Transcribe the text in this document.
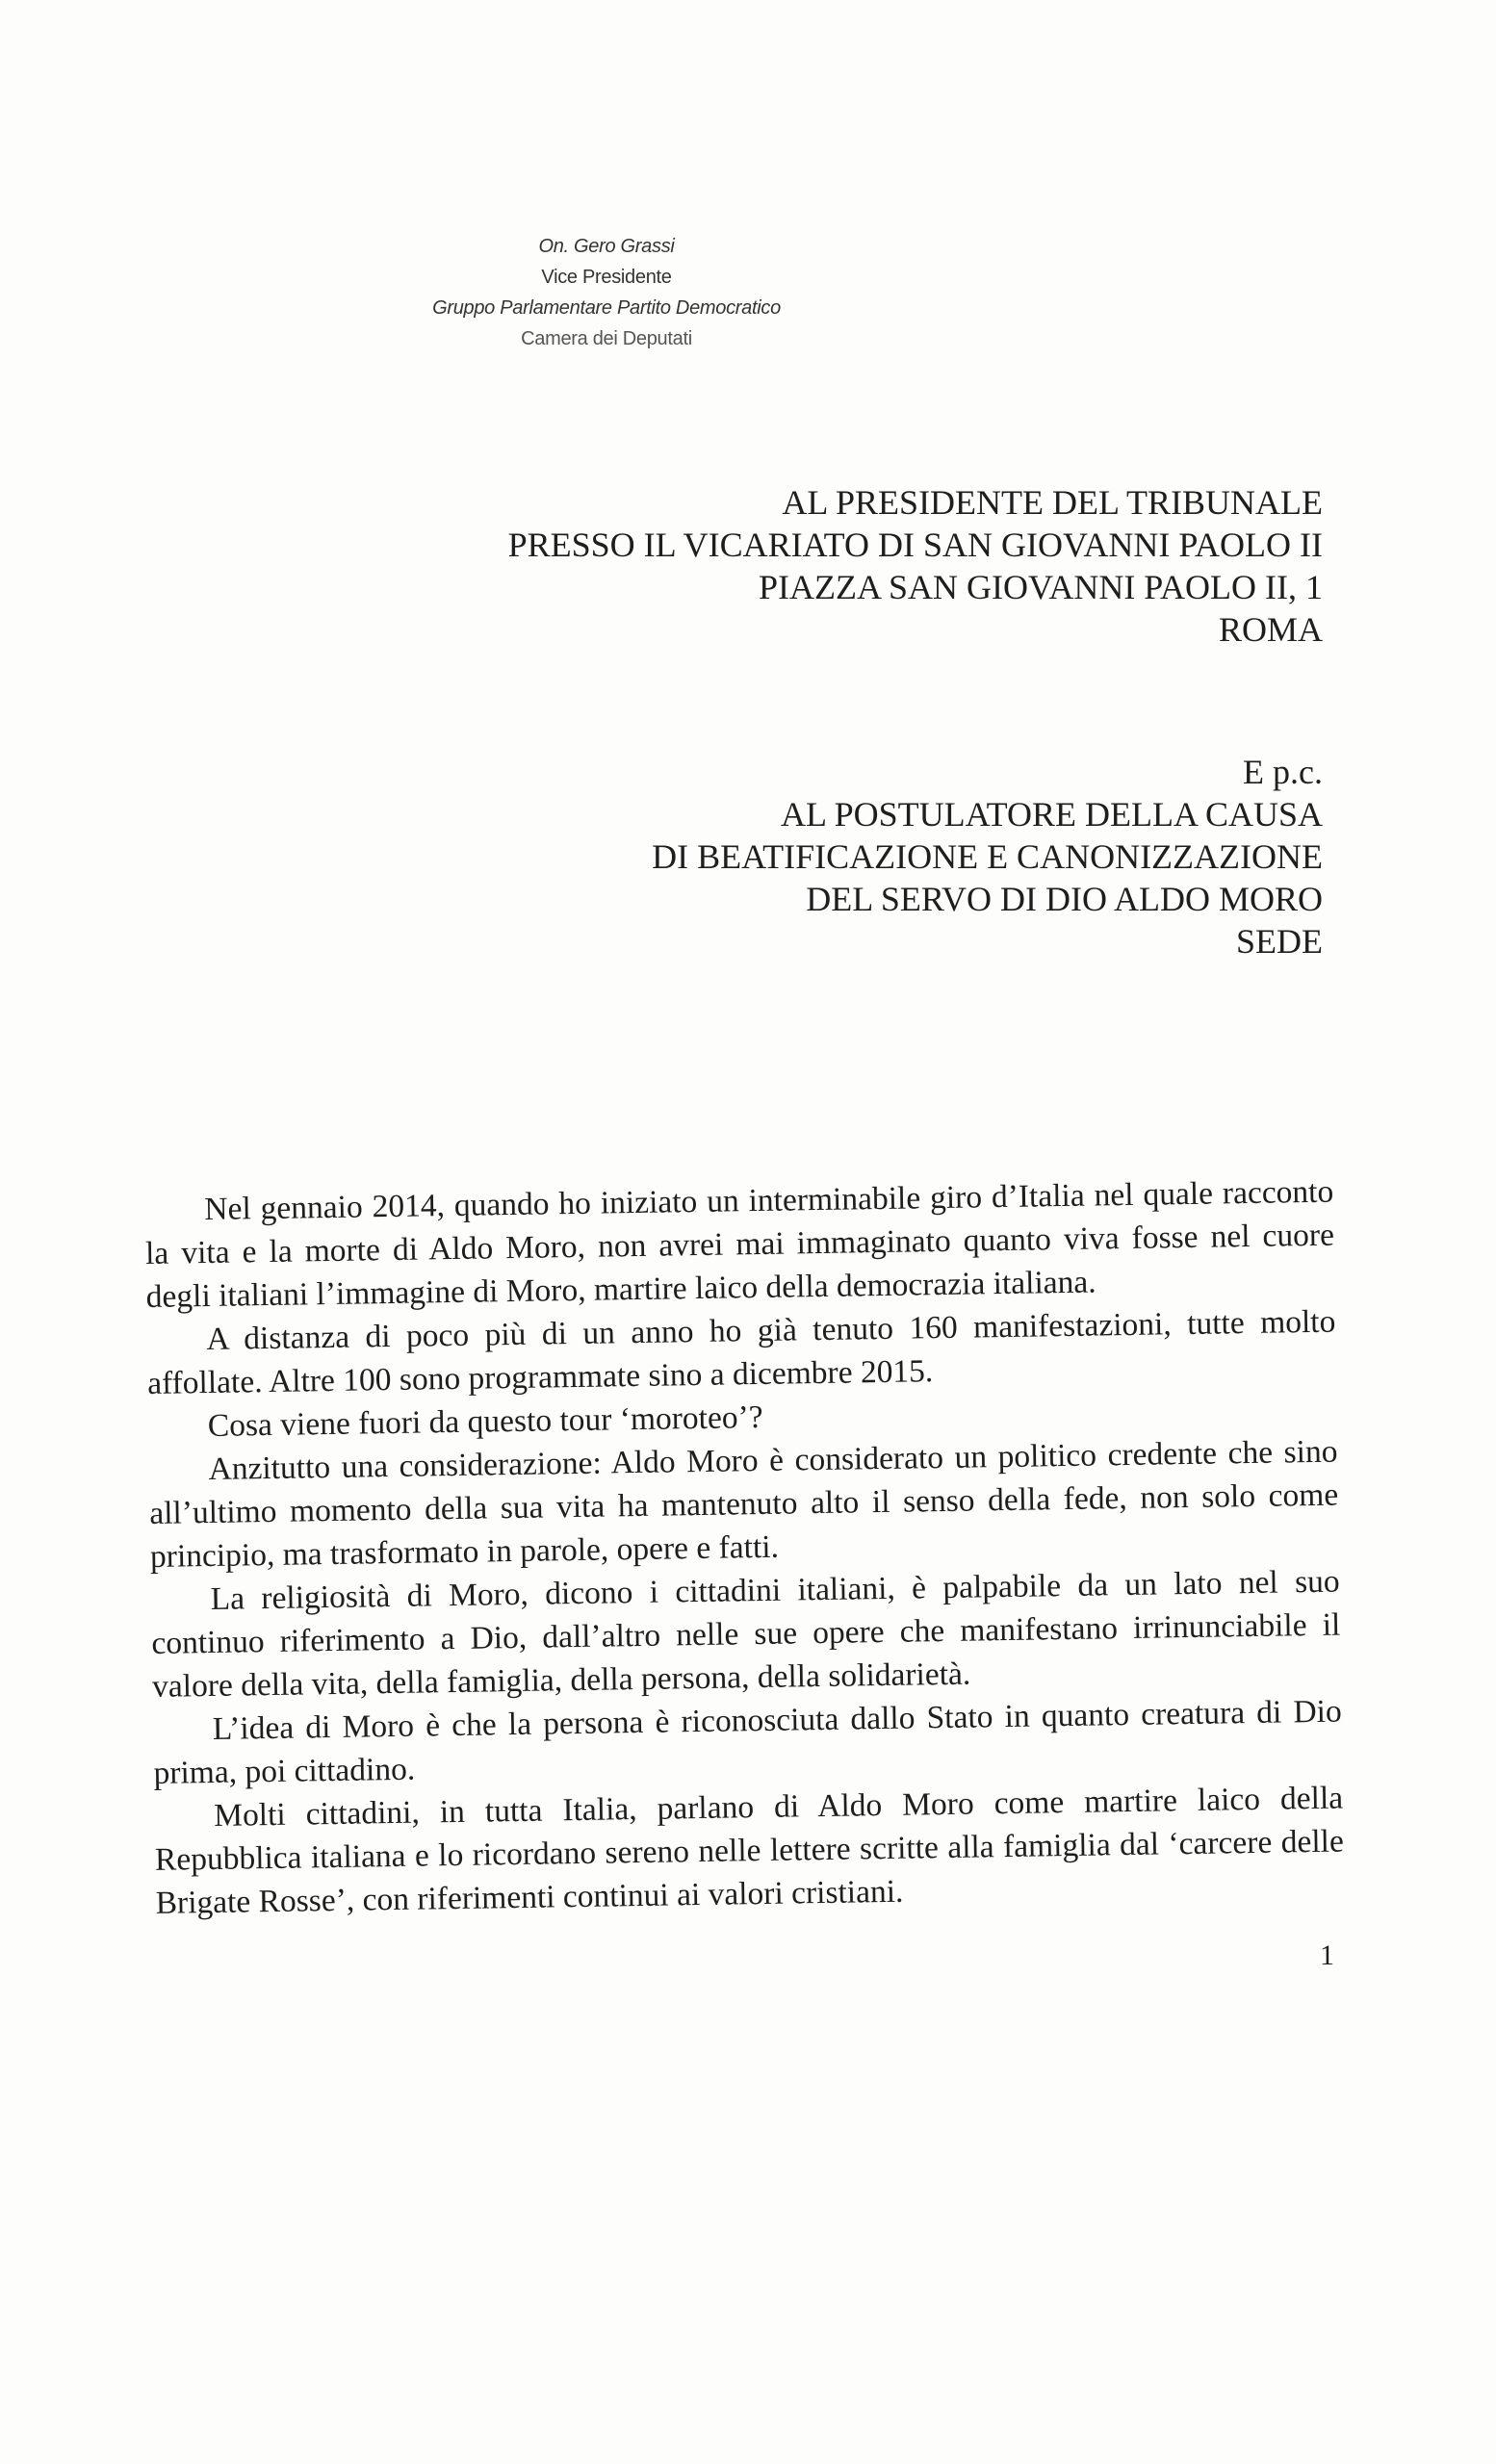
On. Gero Grassi
Vice Presidente
Gruppo Parlamentare Partito Democratico
Camera dei Deputati
AL PRESIDENTE DEL TRIBUNALE
PRESSO IL VICARIATO DI SAN GIOVANNI PAOLO II
PIAZZA SAN GIOVANNI PAOLO II, 1
ROMA
E p.c.
AL POSTULATORE DELLA CAUSA
DI BEATIFICAZIONE E CANONIZZAZIONE
DEL SERVO DI DIO ALDO MORO
SEDE

Nel gennaio 2014, quando ho iniziato un interminabile giro d’Italia nel quale racconto la vita e la morte di Aldo Moro, non avrei mai immaginato quanto viva fosse nel cuore degli italiani l’immagine di Moro, martire laico della democrazia italiana.

A distanza di poco più di un anno ho già tenuto 160 manifestazioni, tutte molto affollate. Altre 100 sono programmate sino a dicembre 2015.

Cosa viene fuori da questo tour ‘moroteo’?

Anzitutto una considerazione: Aldo Moro è considerato un politico credente che sino all’ultimo momento della sua vita ha mantenuto alto il senso della fede, non solo come principio, ma trasformato in parole, opere e fatti.

La religiosità di Moro, dicono i cittadini italiani, è palpabile da un lato nel suo continuo riferimento a Dio, dall’altro nelle sue opere che manifestano irrinunciabile il valore della vita, della famiglia, della persona, della solidarietà.

L’idea di Moro è che la persona è riconosciuta dallo Stato in quanto creatura di Dio prima, poi cittadino.

Molti cittadini, in tutta Italia, parlano di Aldo Moro come martire laico della Repubblica italiana e lo ricordano sereno nelle lettere scritte alla famiglia dal ‘carcere delle Brigate Rosse’, con riferimenti continui ai valori cristiani.

1
